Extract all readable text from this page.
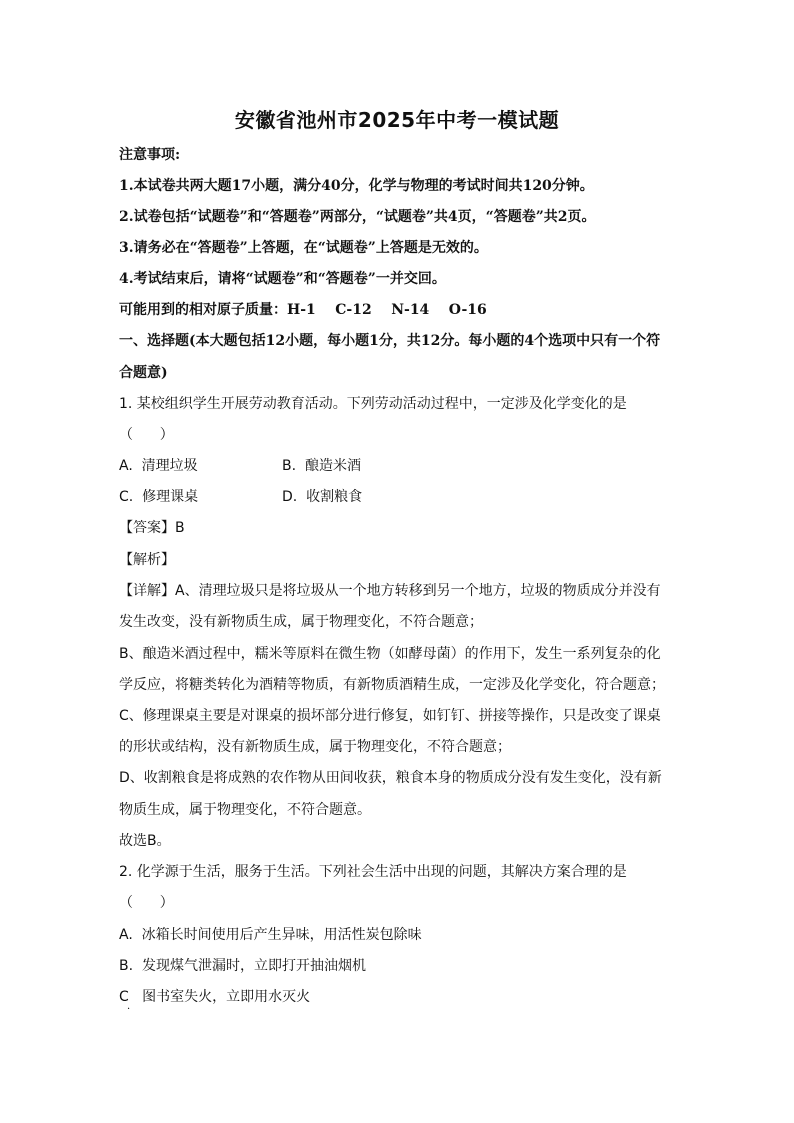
安徽省池州市2025年中考一模试题
注意事项:
1.本试卷共两大题17小题，满分40分，化学与物理的考试时间共120分钟。
2.试卷包括“试题卷”和“答题卷”两部分，“试题卷”共4页，“答题卷”共2页。
3.请务必在“答题卷”上答题，在“试题卷”上答题是无效的。
4.考试结束后，请将“试题卷”和“答题卷”一并交回。
可能用到的相对原子质量：H-1    C-12    N-14    O-16
一、选择题(本大题包括12小题，每小题1分，共12分。每小题的4个选项中只有一个符
合题意)
1. 某校组织学生开展劳动教育活动。下列劳动活动过程中，一定涉及化学变化的是
（      ）
A.  清理垃圾	B.  酿造米酒
C.  修理课桌	D.  收割粮食
【答案】B
【解析】
【详解】A、清理垃圾只是将垃圾从一个地方转移到另一个地方，垃圾的物质成分并没有
发生改变，没有新物质生成，属于物理变化，不符合题意；
B、酿造米酒过程中，糯米等原料在微生物（如酵母菌）的作用下，发生一系列复杂的化
学反应，将糖类转化为酒精等物质，有新物质酒精生成，一定涉及化学变化，符合题意；
C、修理课桌主要是对课桌的损坏部分进行修复，如钉钉、拼接等操作，只是改变了课桌
的形状或结构，没有新物质生成，属于物理变化，不符合题意；
D、收割粮食是将成熟的农作物从田间收获，粮食本身的物质成分没有发生变化，没有新
物质生成，属于物理变化，不符合题意。
故选B。
2. 化学源于生活，服务于生活。下列社会生活中出现的问题，其解决方案合理的是
（      ）
A.  冰箱长时间使用后产生异味，用活性炭包除味
B.  发现煤气泄漏时，立即打开抽油烟机
C   图书室失火，立即用水灭火
·
